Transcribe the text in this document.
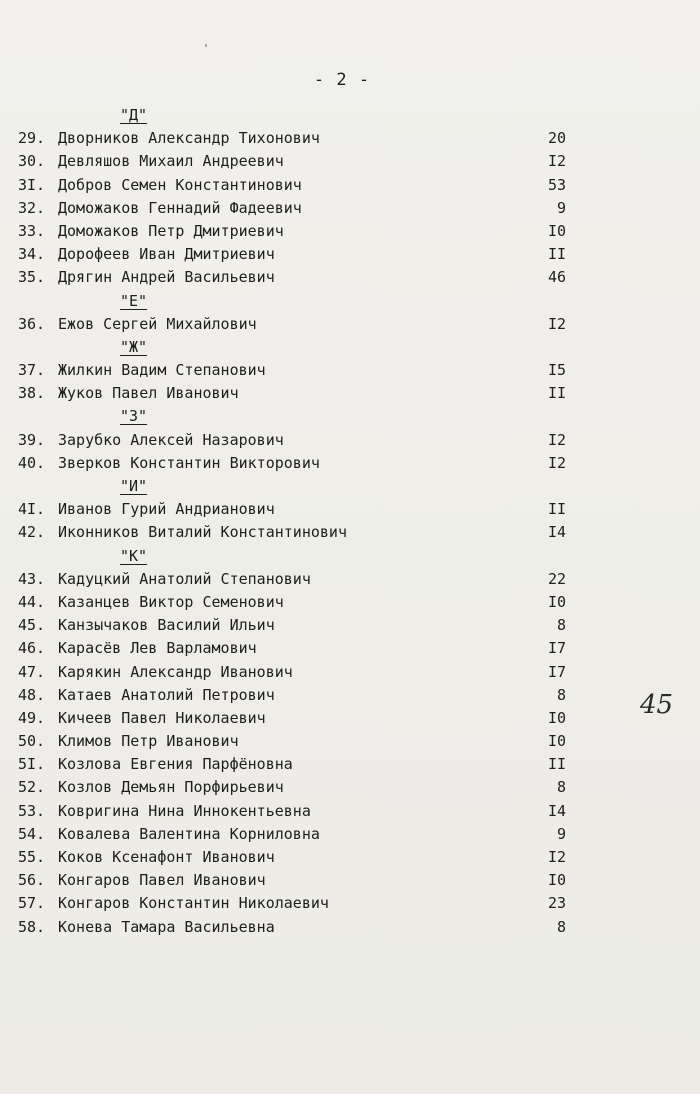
- 2 -
"Д"
29. Дворников Александр Тихонович	20
30. Девляшов Михаил Андреевич	I2
3I. Добров Семен Константинович	53
32. Доможаков Геннадий Фадеевич	9
33. Доможаков Петр Дмитриевич	I0
34. Дорофеев Иван Дмитриевич	II
35. Дрягин Андрей Васильевич	46
"Е"
36. Ежов Сергей Михайлович	I2
"Ж"
37. Жилкин Вадим Степанович	I5
38. Жуков Павел Иванович	II
"З"
39. Зарубко Алексей Назарович	I2
40. Зверков Константин Викторович	I2
"И"
4I. Иванов Гурий Андрианович	II
42. Иконников Виталий Константинович	I4
"К"
43. Кадуцкий Анатолий Степанович	22
44. Казанцев Виктор Семенович	I0
45. Канзычаков Василий Ильич	8
46. Карасёв Лев Варламович	I7
47. Карякин Александр Иванович	I7
48. Катаев Анатолий Петрович	8
49. Кичеев Павел Николаевич	I0
50. Климов Петр Иванович	I0
5I. Козлова Евгения Парфёновна	II
52. Козлов Демьян Порфирьевич	8
53. Ковригина Нина Иннокентьевна	I4
54. Ковалева Валентина Корниловна	9
55. Коков Ксенафонт Иванович	I2
56. Конгаров Павел Иванович	I0
57. Конгаров Константин Николаевич	23
58. Конева Тамара Васильевна	8
45
